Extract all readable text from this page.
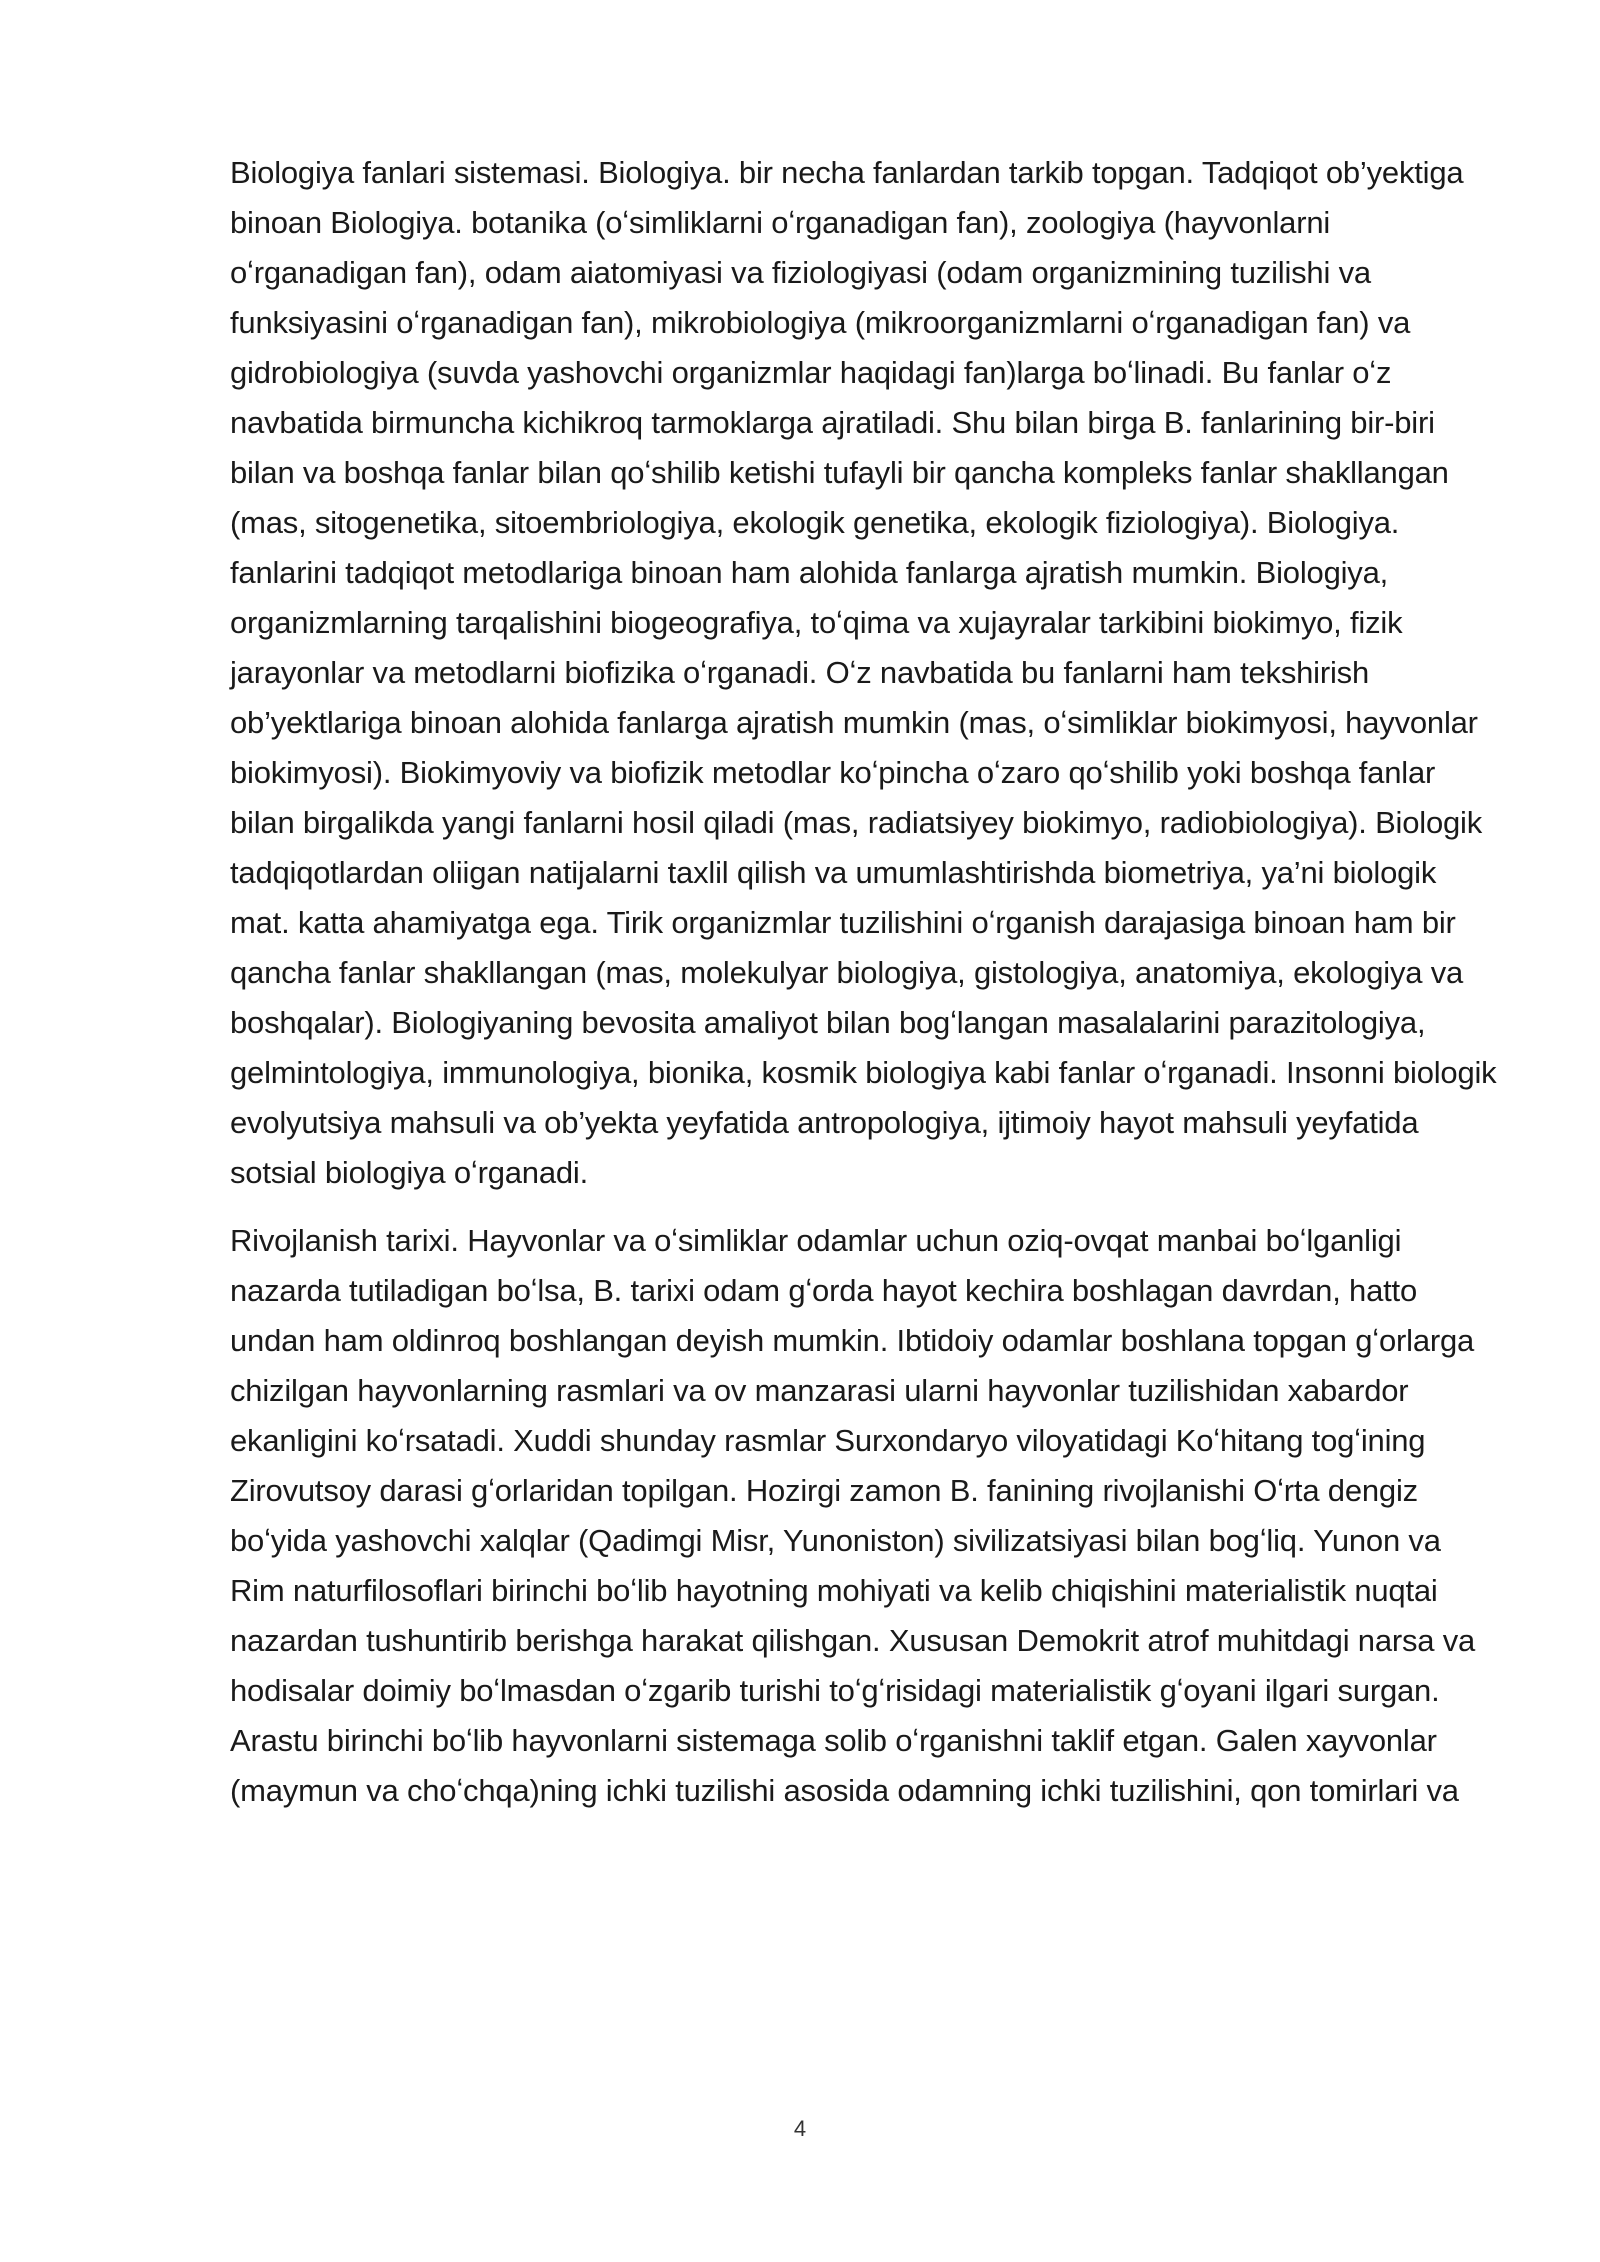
Biologiya fanlari sistemasi. Biologiya. bir necha fanlardan tarkib topgan. Tadqiqot ob’yektiga binoan Biologiya. botanika (oʻsimliklarni oʻrganadigan fan), zoologiya (hayvonlarni oʻrganadigan fan), odam aiatomiyasi va fiziologiyasi (odam organizmining tuzilishi va funksiyasini oʻrganadigan fan), mikrobiologiya (mikroorganizmlarni oʻrganadigan fan) va gidrobiologiya (suvda yashovchi organizmlar haqidagi fan)larga boʻlinadi. Bu fanlar oʻz navbatida birmuncha kichikroq tarmoklarga ajratiladi. Shu bilan birga B. fanlarining bir-biri bilan va boshqa fanlar bilan qoʻshilib ketishi tufayli bir qancha kompleks fanlar shakllangan (mas, sitogenetika, sitoembriologiya, ekologik genetika, ekologik fiziologiya). Biologiya. fanlarini tadqiqot metodlariga binoan ham alohida fanlarga ajratish mumkin. Biologiya, organizmlarning tarqalishini biogeografiya, toʻqima va xujayralar tarkibini biokimyo, fizik jarayonlar va metodlarni biofizika oʻrganadi. Oʻz navbatida bu fanlarni ham tekshirish ob’yektlariga binoan alohida fanlarga ajratish mumkin (mas, oʻsimliklar biokimyosi, hayvonlar biokimyosi). Biokimyoviy va biofizik metodlar koʻpincha oʻzaro qoʻshilib yoki boshqa fanlar bilan birgalikda yangi fanlarni hosil qiladi (mas, radiatsiyey biokimyo, radiobiologiya). Biologik tadqiqotlardan oliigan natijalarni taxlil qilish va umumlashtirishda biometriya, ya’ni biologik mat. katta ahamiyatga ega. Tirik organizmlar tuzilishini oʻrganish darajasiga binoan ham bir qancha fanlar shakllangan (mas, molekulyar biologiya, gistologiya, anatomiya, ekologiya va boshqalar). Biologiyaning bevosita amaliyot bilan bogʻlangan masalalarini parazitologiya, gelmintologiya, immunologiya, bionika, kosmik biologiya kabi fanlar oʻrganadi. Insonni biologik evolyutsiya mahsuli va ob’yekta yeyfatida antropologiya, ijtimoiy hayot mahsuli yeyfatida sotsial biologiya oʻrganadi.

Rivojlanish tarixi. Hayvonlar va oʻsimliklar odamlar uchun oziq-ovqat manbai boʻlganligi nazarda tutiladigan boʻlsa, B. tarixi odam gʻorda hayot kechira boshlagan davrdan, hatto undan ham oldinroq boshlangan deyish mumkin. Ibtidoiy odamlar boshlana topgan gʻorlarga chizilgan hayvonlarning rasmlari va ov manzarasi ularni hayvonlar tuzilishidan xabardor ekanligini koʻrsatadi. Xuddi shunday rasmlar Surxondaryo viloyatidagi Koʻhitang togʻining Zirovutsoy darasi gʻorlaridan topilgan. Hozirgi zamon B. fanining rivojlanishi Oʻrta dengiz boʻyida yashovchi xalqlar (Qadimgi Misr, Yunoniston) sivilizatsiyasi bilan bogʻliq. Yunon va Rim naturfilosoflari birinchi boʻlib hayotning mohiyati va kelib chiqishini materialistik nuqtai nazardan tushuntirib berishga harakat qilishgan. Xususan Demokrit atrof muhitdagi narsa va hodisalar doimiy boʻlmasdan oʻzgarib turishi toʻgʻrisidagi materialistik gʻoyani ilgari surgan. Arastu birinchi boʻlib hayvonlarni sistemaga solib oʻrganishni taklif etgan. Galen xayvonlar (maymun va choʻchqa)ning ichki tuzilishi asosida odamning ichki tuzilishini, qon tomirlari va

4
